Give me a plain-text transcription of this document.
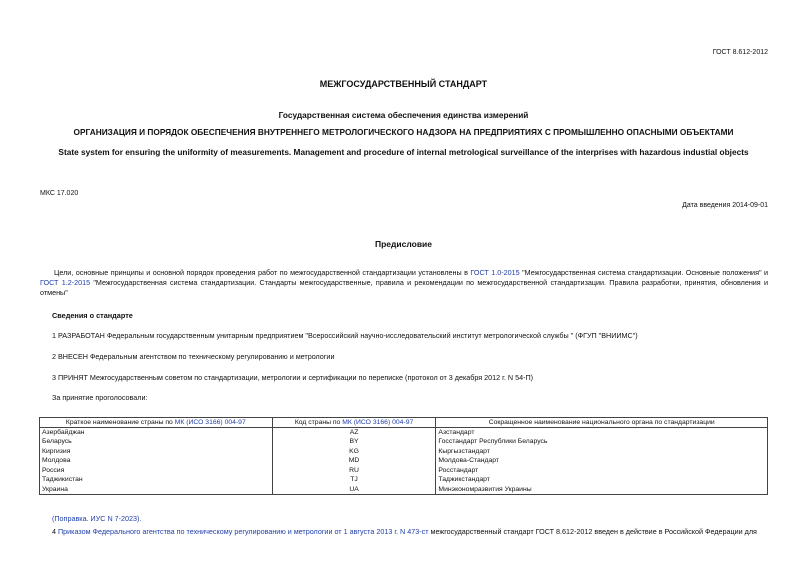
ГОСТ 8.612-2012
МЕЖГОСУДАРСТВЕННЫЙ СТАНДАРТ
Государственная система обеспечения единства измерений
ОРГАНИЗАЦИЯ И ПОРЯДОК ОБЕСПЕЧЕНИЯ ВНУТРЕННЕГО МЕТРОЛОГИЧЕСКОГО НАДЗОРА НА ПРЕДПРИЯТИЯХ С ПРОМЫШЛЕННО ОПАСНЫМИ ОБЪЕКТАМИ
State system for ensuring the uniformity of measurements. Management and procedure of internal metrological surveillance of the interprises with hazardous industial objects
МКС 17.020
Дата введения 2014-09-01
Предисловие
Цели, основные принципы и основной порядок проведения работ по межгосударственной стандартизации установлены в ГОСТ 1.0-2015 "Межгосударственная система стандартизации. Основные положения" и ГОСТ 1.2-2015 "Межгосударственная система стандартизации. Стандарты межгосударственные, правила и рекомендации по межгосударственной стандартизации. Правила разработки, принятия, обновления и отмены"
Сведения о стандарте
1 РАЗРАБОТАН Федеральным государственным унитарным предприятием "Всероссийский научно-исследовательский институт метрологической службы " (ФГУП "ВНИИМС")
2 ВНЕСЕН Федеральным агентством по техническому регулированию и метрологии
3 ПРИНЯТ Межгосударственным советом по стандартизации, метрологии и сертификации по переписке (протокол от 3 декабря 2012 г. N 54-П)
За принятие проголосовали:
Краткое наименование страны по МК (ИСО 3166) 004-97	Код страны по МК (ИСО 3166) 004-97	Сокращенное наименование национального органа по стандартизации
Азербайджан	AZ	Азстандарт
Беларусь	BY	Госстандарт Республики Беларусь
Киргизия	KG	Кыргызстандарт
Молдова	MD	Молдова-Стандарт
Россия	RU	Росстандарт
Таджикистан	TJ	Таджикстандарт
Украина	UA	Минэкономразвития Украины
(Поправка. ИУС N 7-2023).
4 Приказом Федерального агентства по техническому регулированию и метрологии от 1 августа 2013 г. N 473-ст межгосударственный стандарт ГОСТ 8.612-2012 введен в действие в Российской Федерации для
